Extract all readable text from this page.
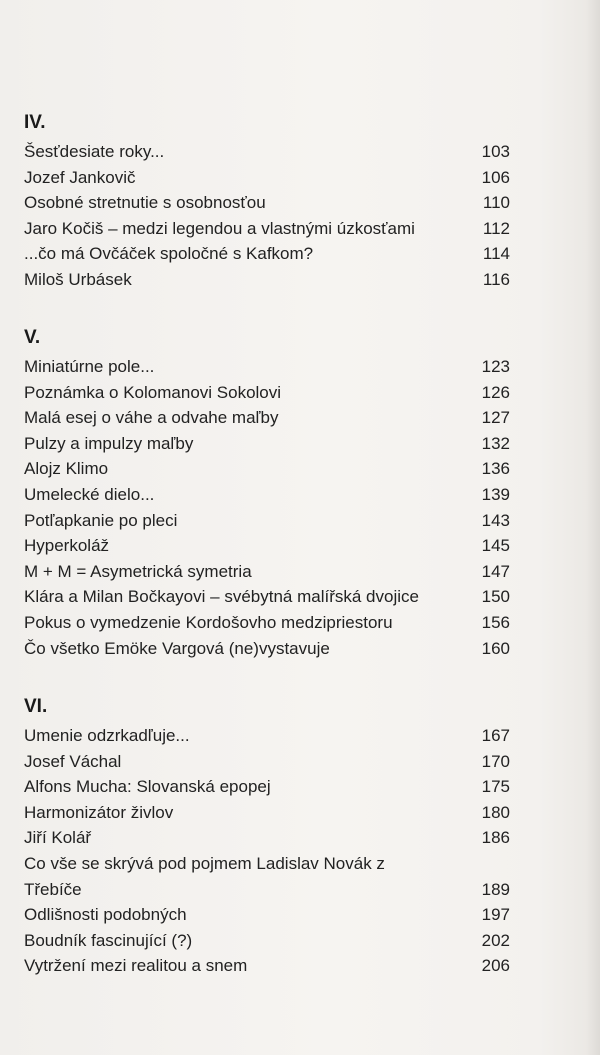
IV.
Šesťdesiate roky...	103
Jozef Jankovič	106
Osobné stretnutie s osobnosťou	110
Jaro Kočiš – medzi legendou a vlastnými úzkosťami	112
...čo má Ovčáček spoločné s Kafkom?	114
Miloš Urbásek	116
V.
Miniatúrne pole...	123
Poznámka o Kolomanovi Sokolovi	126
Malá esej o váhe a odvahe maľby	127
Pulzy a impulzy maľby	132
Alojz Klimo	136
Umelecké dielo...	139
Potľapkanie po pleci	143
Hyperkoláž	145
M + M = Asymetrická symetria	147
Klára a Milan Bočkayovi – svébytná malířská dvojice	150
Pokus o vymedzenie Kordošovho medzipriestoru	156
Čo všetko Emöke Vargová (ne)vystavuje	160
VI.
Umenie odzrkadľuje...	167
Josef Váchal	170
Alfons Mucha: Slovanská epopej	175
Harmonizátor živlov	180
Jiří Kolář	186
Co vše se skrývá pod pojmem Ladislav Novák z Třebíče	189
Odlišnosti podobných	197
Boudník fascinující (?)	202
Vytržení mezi realitou a snem	206
